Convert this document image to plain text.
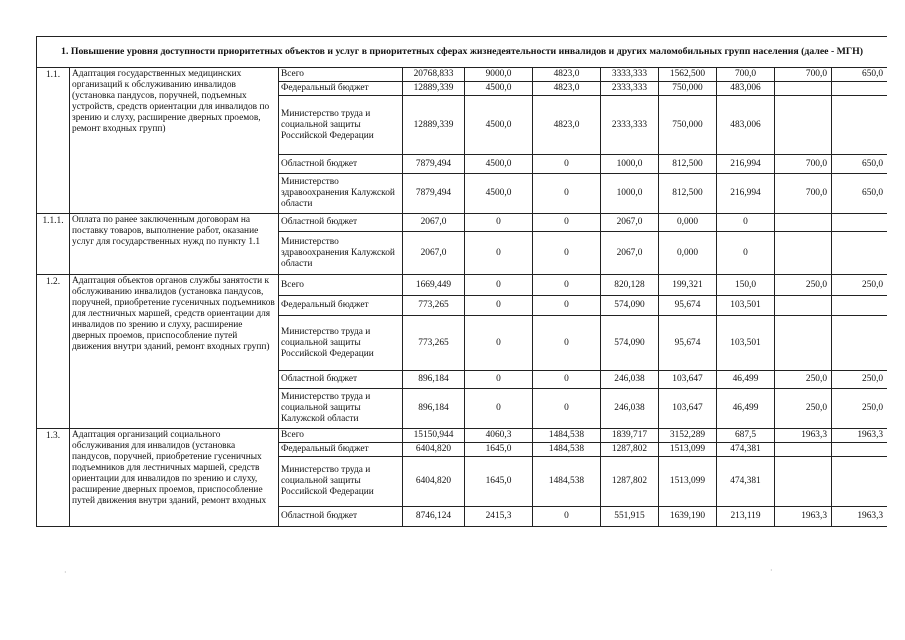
1. Повышение уровня доступности приоритетных объектов и услуг в приоритетных сферах жизнедеятельности инвалидов и других маломобильных групп населения (далее - МГН)										
1.1.	Адаптация государственных медицинских организаций к обслуживанию инвалидов (установка пандусов, поручней, подъемных устройств, средств ориентации для инвалидов по зрению и слуху, расширение дверных проемов, ремонт входных групп)	Всего	20768,833	9000,0	4823,0	3333,333	1562,500	700,0	700,0	650,0
		Федеральный бюджет	12889,339	4500,0	4823,0	2333,333	750,000	483,006		
		Министерство труда и социальной защиты Российской Федерации	12889,339	4500,0	4823,0	2333,333	750,000	483,006		
		Областной бюджет	7879,494	4500,0	0	1000,0	812,500	216,994	700,0	650,0
		Министерство здравоохранения Калужской области	7879,494	4500,0	0	1000,0	812,500	216,994	700,0	650,0
1.1.1.	Оплата по ранее заключенным договорам на поставку товаров, выполнение работ, оказание услуг для государственных нужд по пункту 1.1	Областной бюджет	2067,0	0	0	2067,0	0,000	0		
		Министерство здравоохранения Калужской области	2067,0	0	0	2067,0	0,000	0		
1.2.	Адаптация объектов органов службы занятости к обслуживанию инвалидов (установка пандусов, поручней, приобретение гусеничных подъемников для лестничных маршей, средств ориентации для инвалидов по зрению и слуху, расширение дверных проемов, приспособление путей движения внутри зданий, ремонт входных групп)	Всего	1669,449	0	0	820,128	199,321	150,0	250,0	250,0
		Федеральный бюджет	773,265	0	0	574,090	95,674	103,501		
		Министерство труда и социальной защиты Российской Федерации	773,265	0	0	574,090	95,674	103,501		
		Областной бюджет	896,184	0	0	246,038	103,647	46,499	250,0	250,0
		Министерство труда и социальной защиты Калужской области	896,184	0	0	246,038	103,647	46,499	250,0	250,0
1.3.	Адаптация организаций социального обслуживания для инвалидов (установка пандусов, поручней, приобретение гусеничных подъемников для лестничных маршей, средств ориентации для инвалидов по зрению и слуху, расширение дверных проемов, приспособление путей движения внутри зданий, ремонт входных	Всего	15150,944	4060,3	1484,538	1839,717	3152,289	687,5	1963,3	1963,3
		Федеральный бюджет	6404,820	1645,0	1484,538	1287,802	1513,099	474,381		
		Министерство труда и социальной защиты Российской Федерации	6404,820	1645,0	1484,538	1287,802	1513,099	474,381		
		Областной бюджет	8746,124	2415,3	0	551,915	1639,190	213,119	1963,3	1963,3
·	·
